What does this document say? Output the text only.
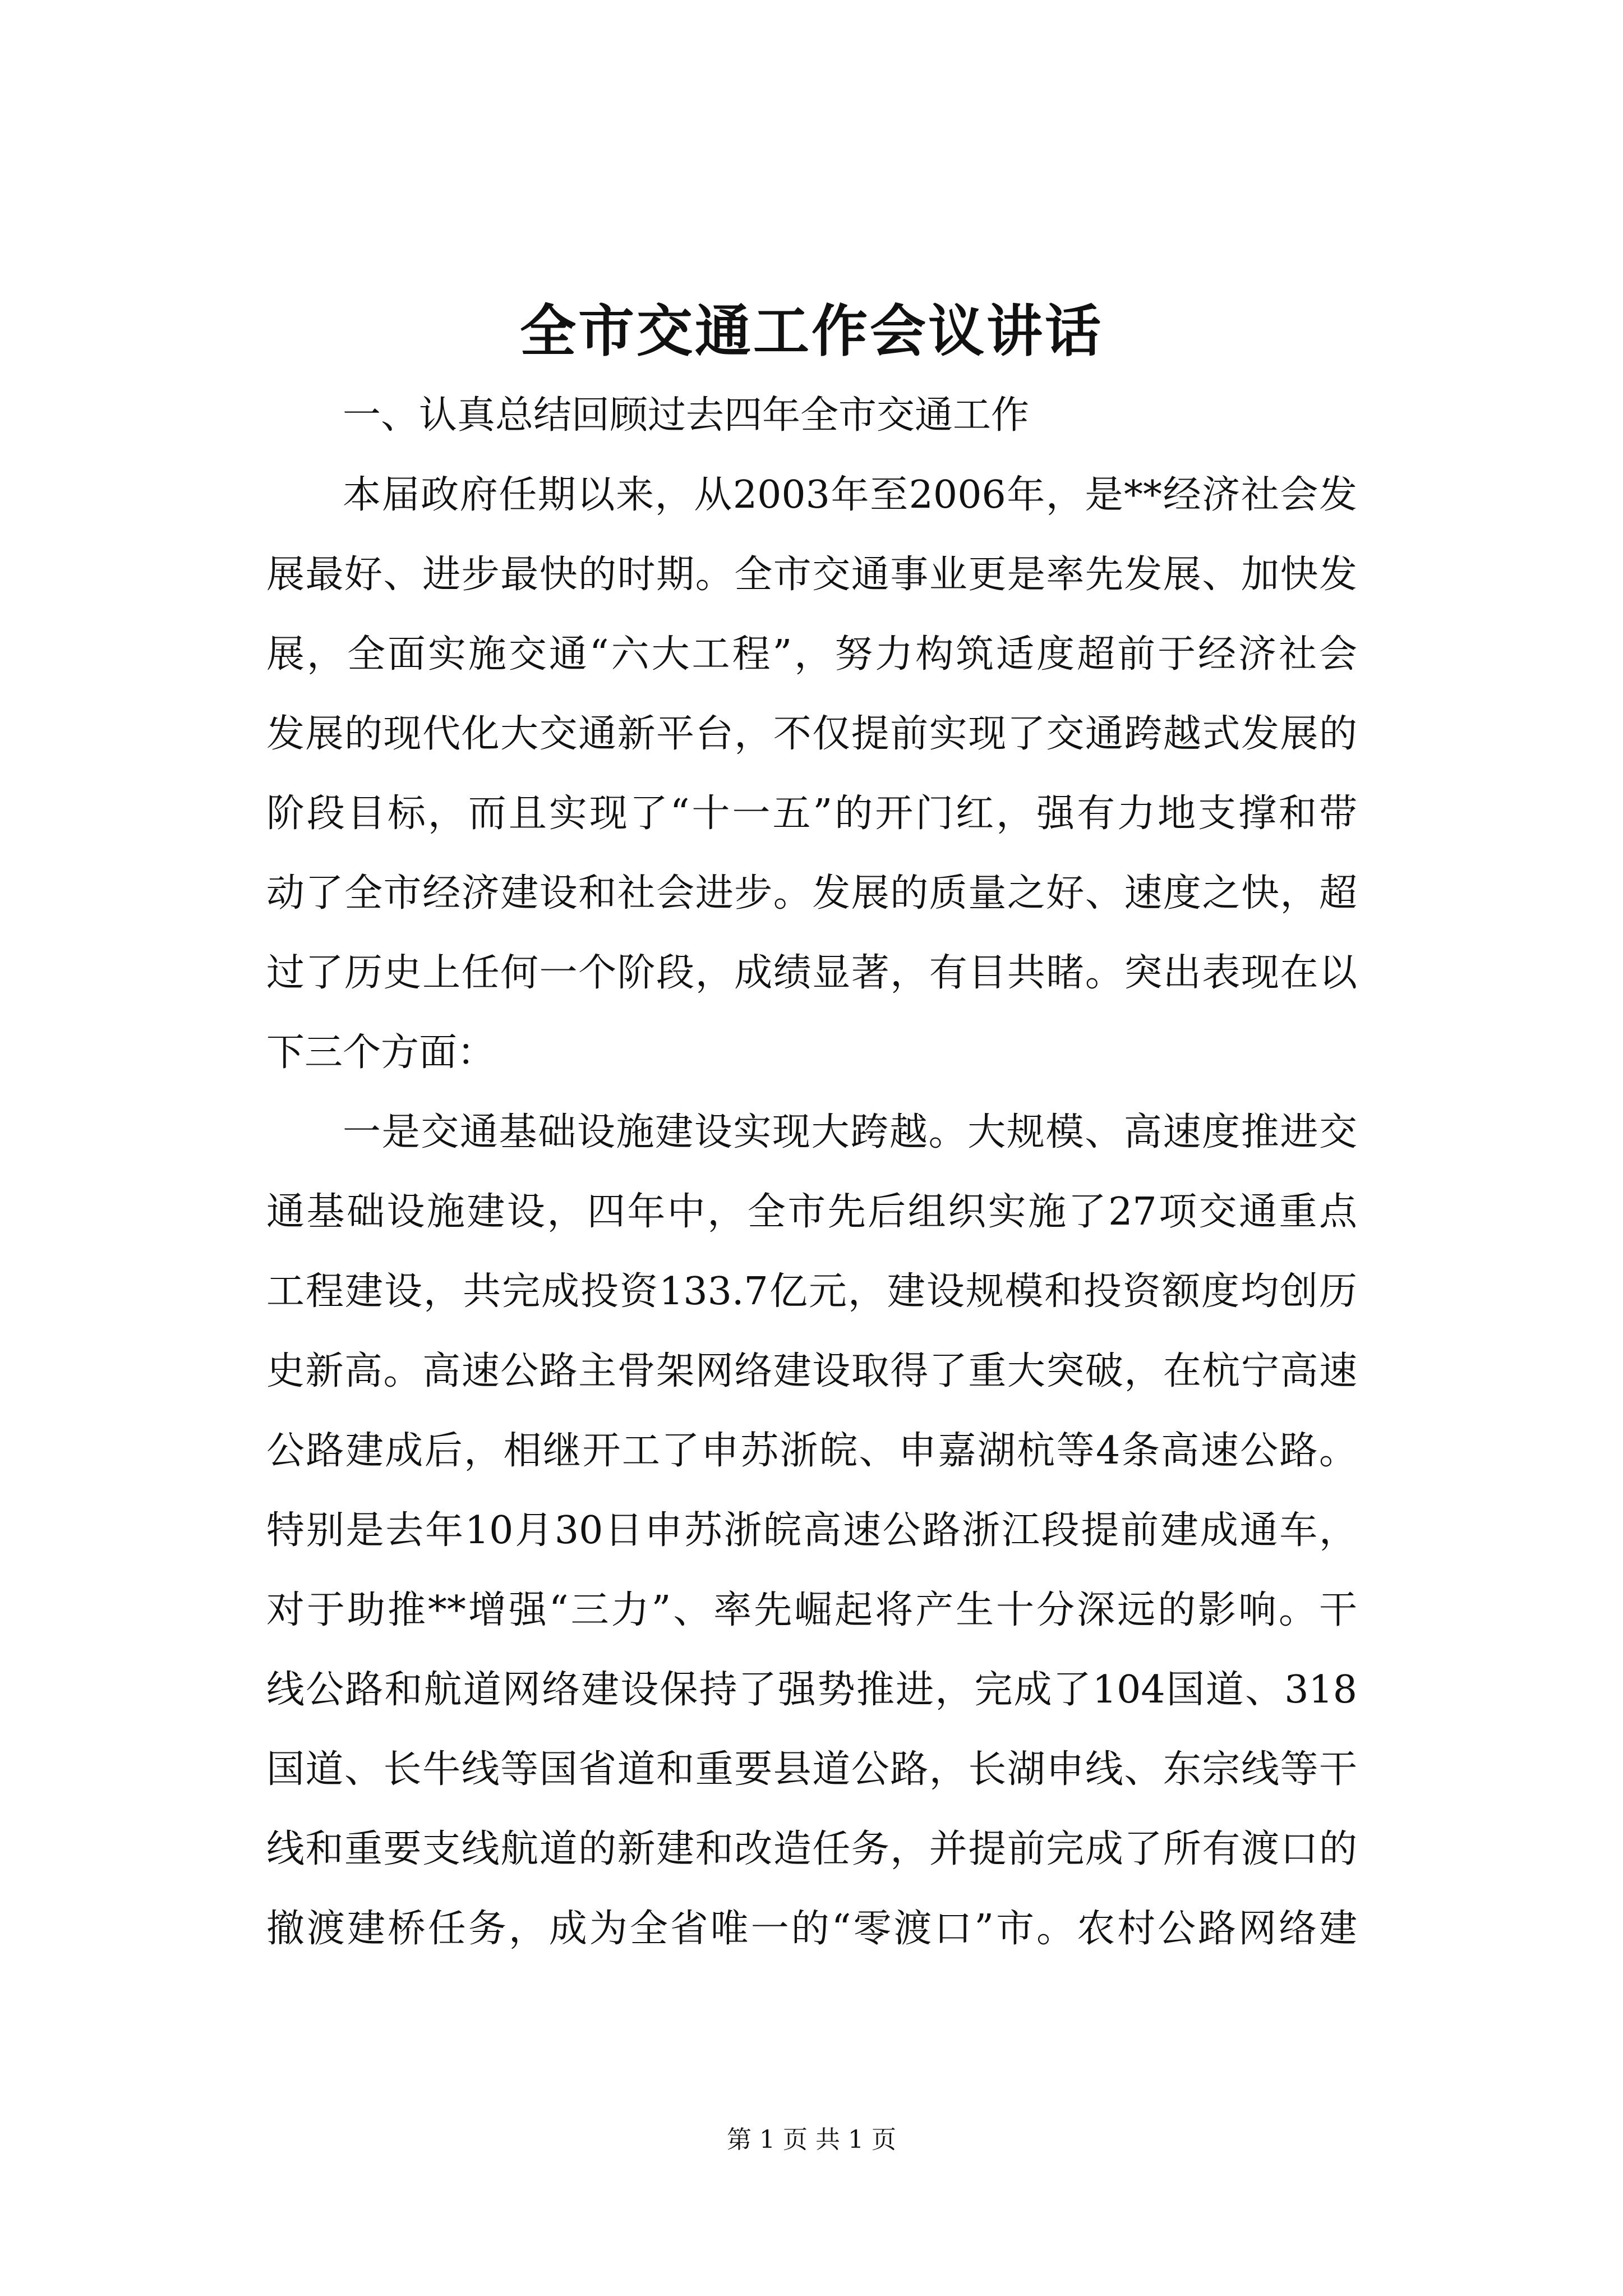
全市交通工作会议讲话
一、认真总结回顾过去四年全市交通工作
本届政府任期以来，从2003年至2006年，是**经济社会发
展最好、进步最快的时期。全市交通事业更是率先发展、加快发
展，全面实施交通“六大工程”，努力构筑适度超前于经济社会
发展的现代化大交通新平台，不仅提前实现了交通跨越式发展的
阶段目标，而且实现了“十一五”的开门红，强有力地支撑和带
动了全市经济建设和社会进步。发展的质量之好、速度之快，超
过了历史上任何一个阶段，成绩显著，有目共睹。突出表现在以
下三个方面：
一是交通基础设施建设实现大跨越。大规模、高速度推进交
通基础设施建设，四年中，全市先后组织实施了27项交通重点
工程建设，共完成投资133.7亿元，建设规模和投资额度均创历
史新高。高速公路主骨架网络建设取得了重大突破，在杭宁高速
公路建成后，相继开工了申苏浙皖、申嘉湖杭等4条高速公路。
特别是去年10月30日申苏浙皖高速公路浙江段提前建成通车，
对于助推**增强“三力”、率先崛起将产生十分深远的影响。干
线公路和航道网络建设保持了强势推进，完成了104国道、318
国道、长牛线等国省道和重要县道公路，长湖申线、东宗线等干
线和重要支线航道的新建和改造任务，并提前完成了所有渡口的
撤渡建桥任务，成为全省唯一的“零渡口”市。农村公路网络建
第 1 页 共 1 页
